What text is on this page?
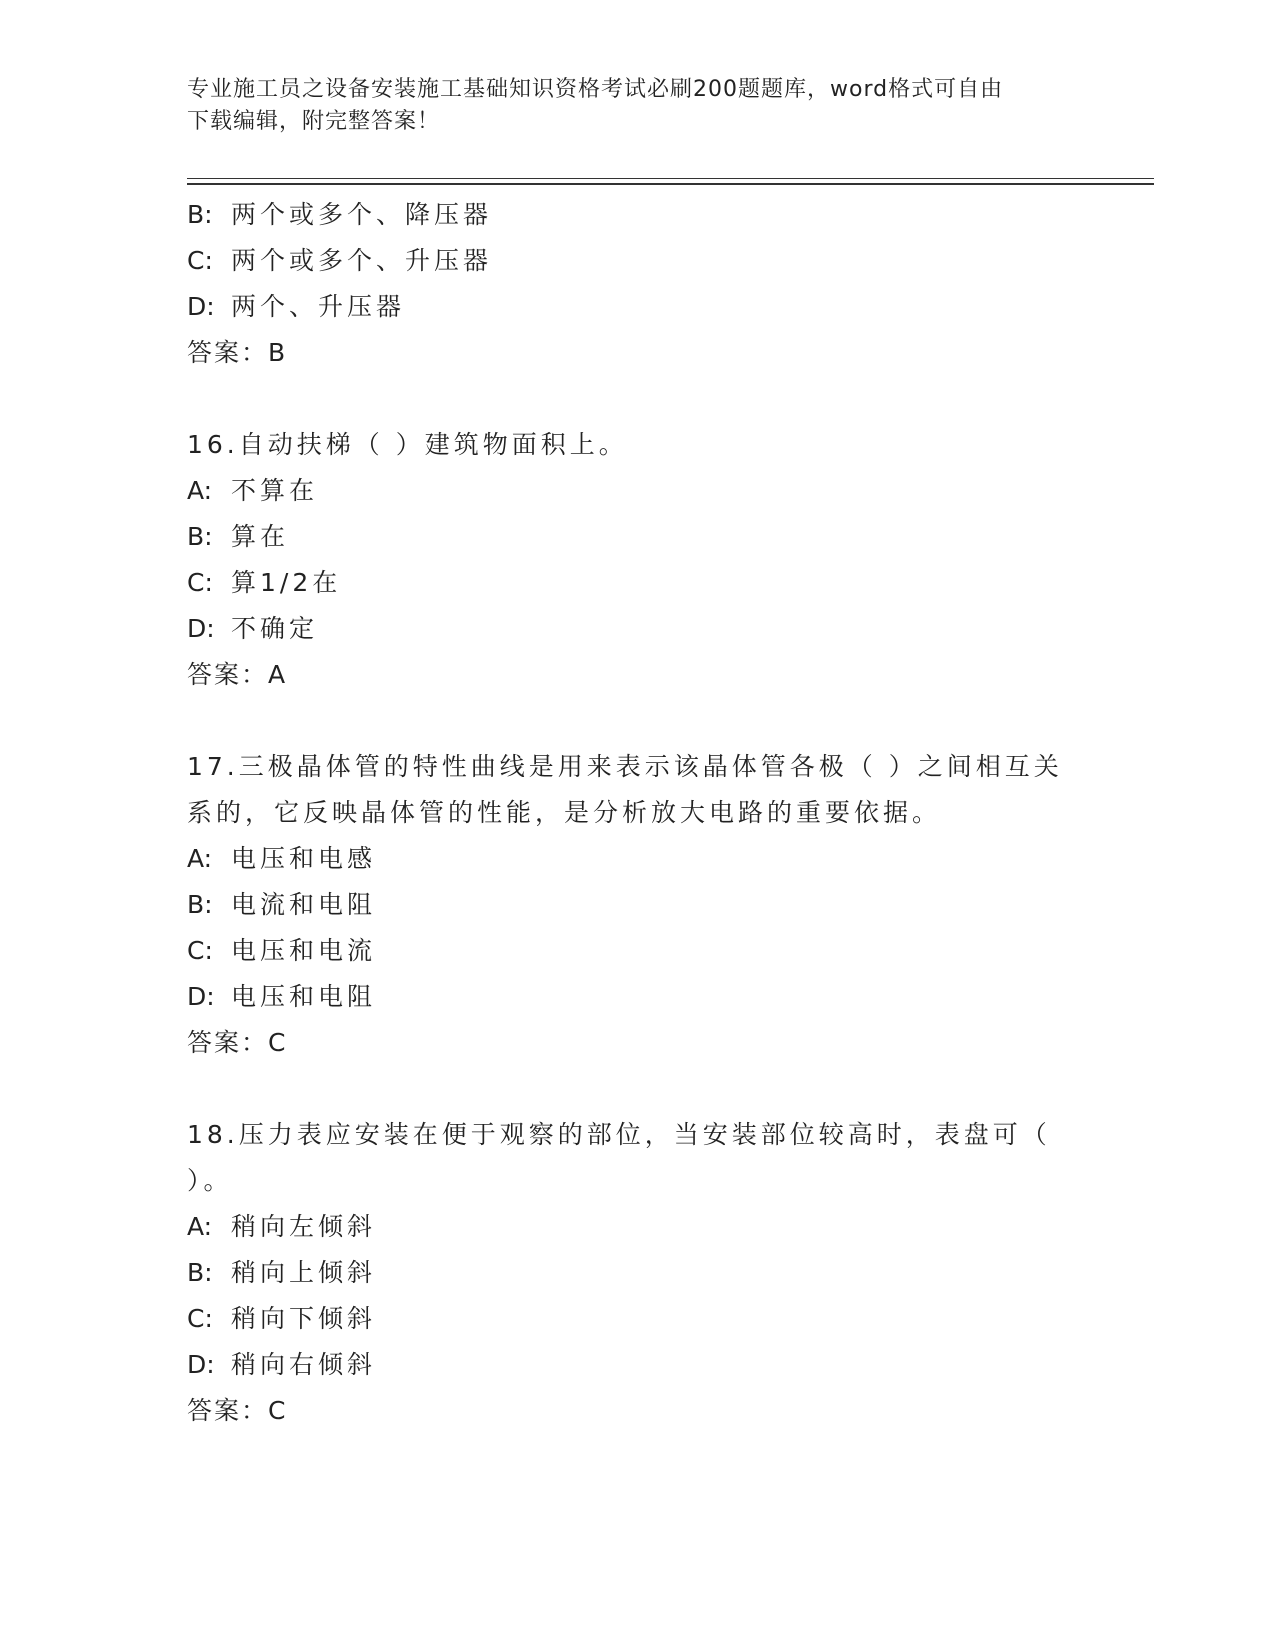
专业施工员之设备安装施工基础知识资格考试必刷200题题库，word格式可自由
下载编辑，附完整答案！
B: 两个或多个、降压器
C: 两个或多个、升压器
D: 两个、升压器
答案：B
16.自动扶梯（ ）建筑物面积上。
A: 不算在
B: 算在
C: 算1/2在
D: 不确定
答案：A
17.三极晶体管的特性曲线是用来表示该晶体管各极（ ）之间相互关
系的，它反映晶体管的性能，是分析放大电路的重要依据。
A: 电压和电感
B: 电流和电阻
C: 电压和电流
D: 电压和电阻
答案：C
18.压力表应安装在便于观察的部位，当安装部位较高时，表盘可（
）。
A: 稍向左倾斜
B: 稍向上倾斜
C: 稍向下倾斜
D: 稍向右倾斜
答案：C
